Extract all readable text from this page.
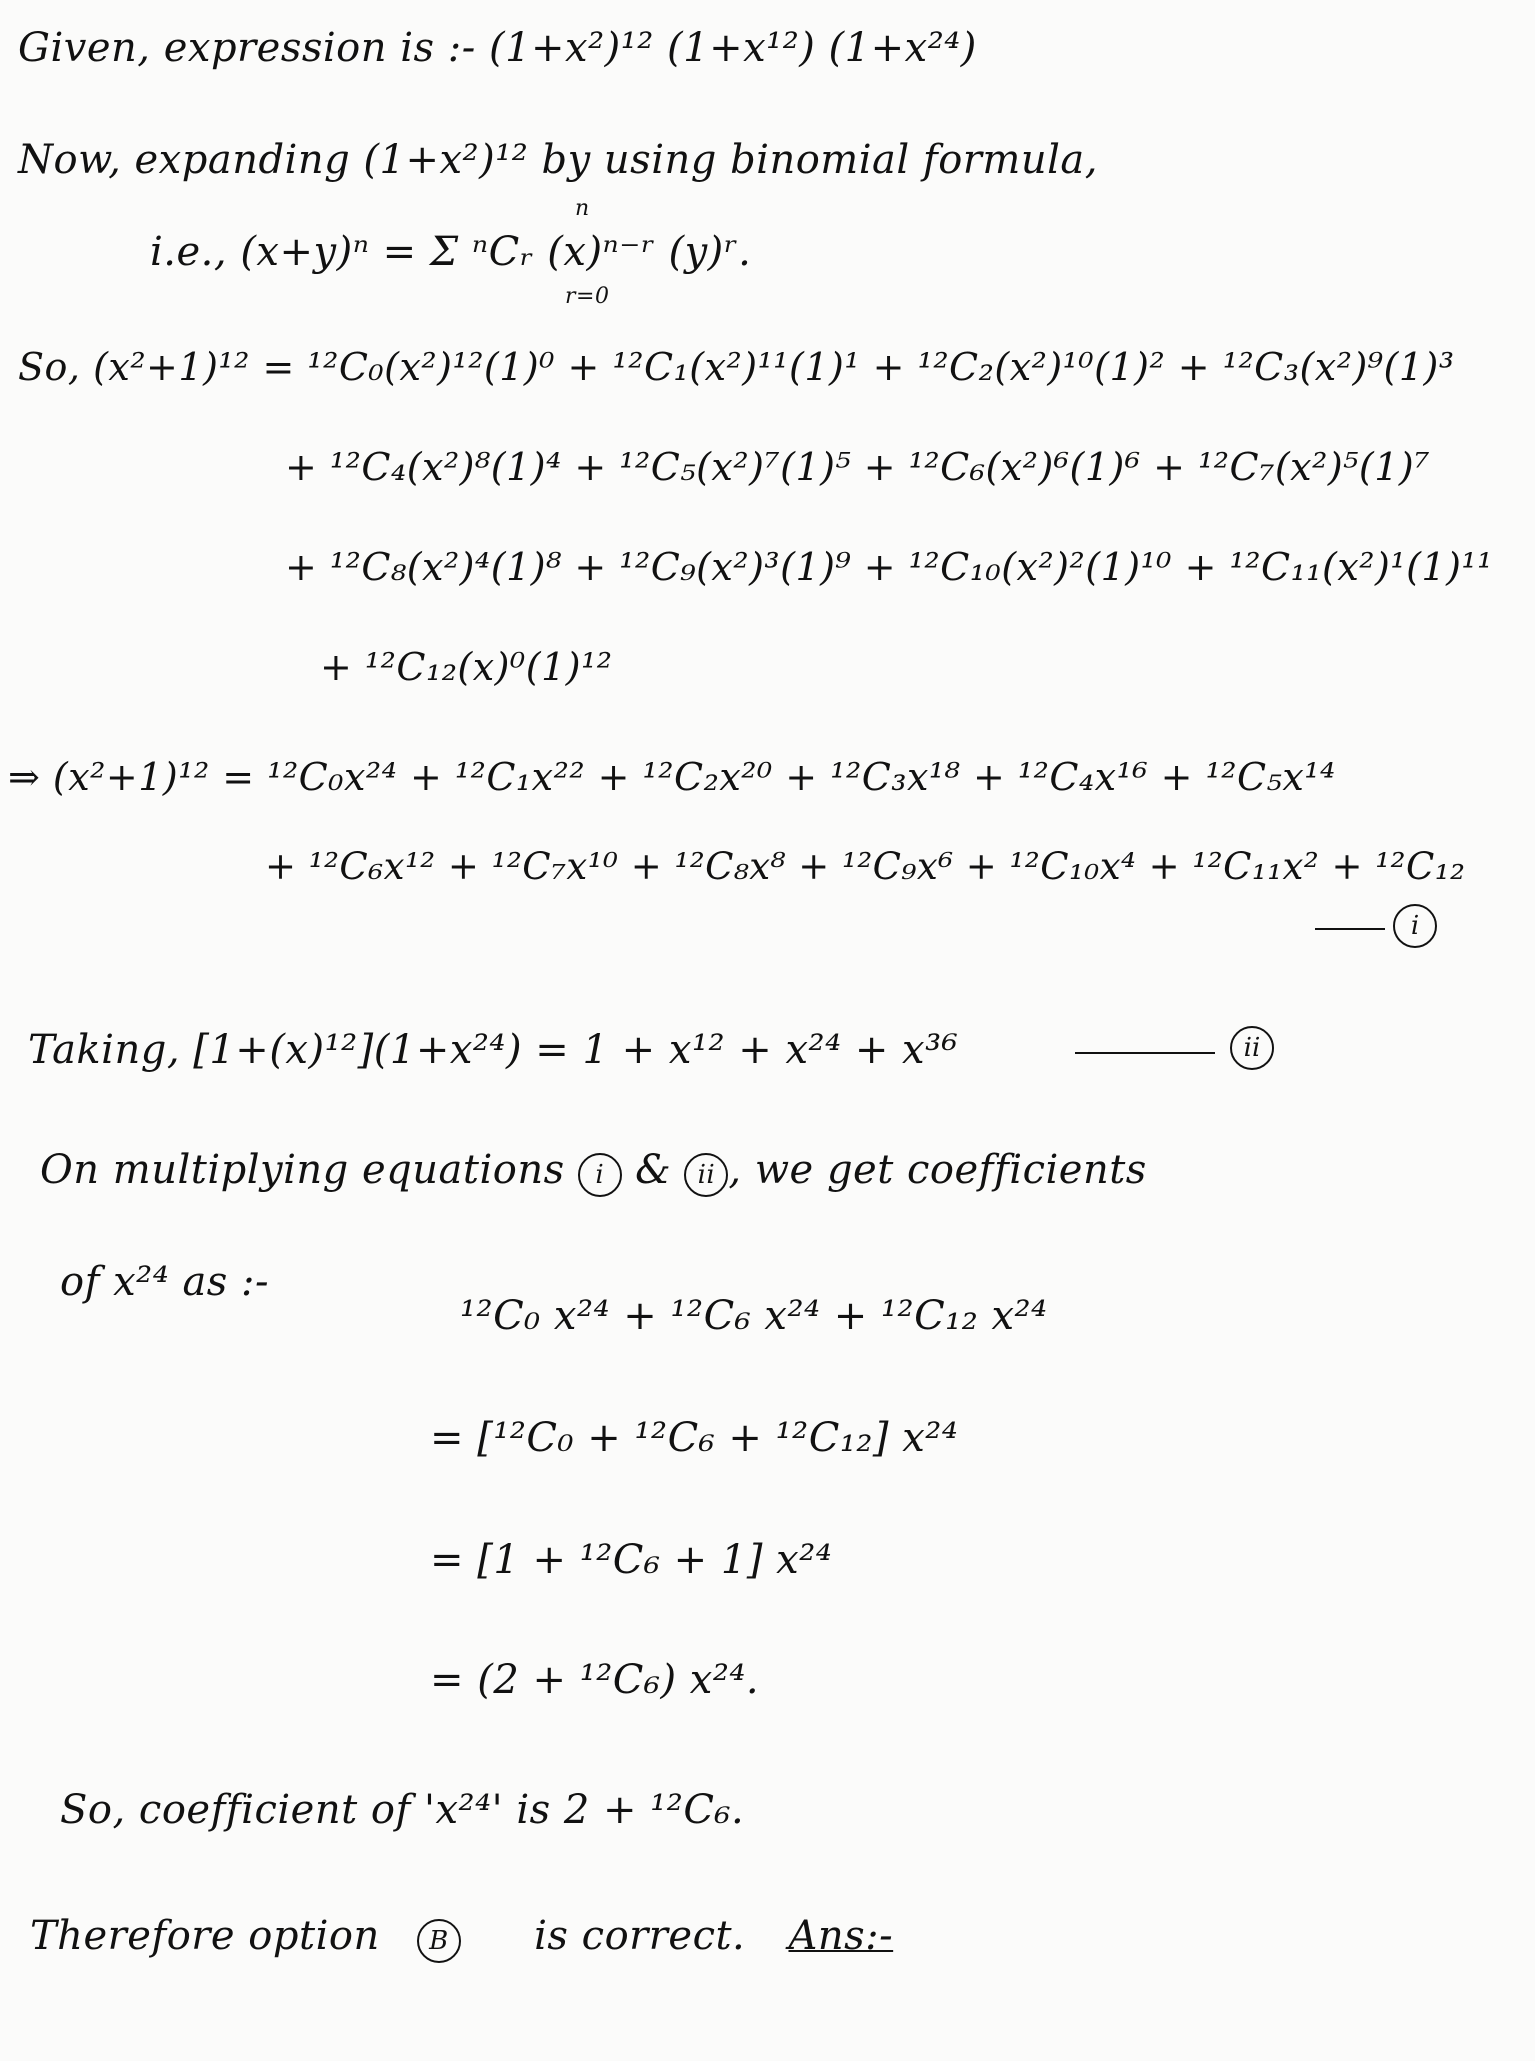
Given, expression is :- (1+x²)¹² (1+x¹²) (1+x²⁴)
Now, expanding (1+x²)¹² by using binomial formula,
n
i.e., (x+y)ⁿ = Σ ⁿCᵣ (x)ⁿ⁻ʳ (y)ʳ.
r=0
So, (x²+1)¹² = ¹²C₀(x²)¹²(1)⁰ + ¹²C₁(x²)¹¹(1)¹ + ¹²C₂(x²)¹⁰(1)² + ¹²C₃(x²)⁹(1)³
+ ¹²C₄(x²)⁸(1)⁴ + ¹²C₅(x²)⁷(1)⁵ + ¹²C₆(x²)⁶(1)⁶ + ¹²C₇(x²)⁵(1)⁷
+ ¹²C₈(x²)⁴(1)⁸ + ¹²C₉(x²)³(1)⁹ + ¹²C₁₀(x²)²(1)¹⁰ + ¹²C₁₁(x²)¹(1)¹¹
+ ¹²C₁₂(x)⁰(1)¹²
⇒ (x²+1)¹² = ¹²C₀x²⁴ + ¹²C₁x²² + ¹²C₂x²⁰ + ¹²C₃x¹⁸ + ¹²C₄x¹⁶ + ¹²C₅x¹⁴
+ ¹²C₆x¹² + ¹²C₇x¹⁰ + ¹²C₈x⁸ + ¹²C₉x⁶ + ¹²C₁₀x⁴ + ¹²C₁₁x² + ¹²C₁₂
i
Taking, [1+(x)¹²](1+x²⁴) = 1 + x¹² + x²⁴ + x³⁶	ii
On multiplying equations i & ii , we get coefficients
of x²⁴ as :-
¹²C₀ x²⁴ + ¹²C₆ x²⁴ + ¹²C₁₂ x²⁴
= [¹²C₀ + ¹²C₆ + ¹²C₁₂] x²⁴
= [1 + ¹²C₆ + 1] x²⁴
= (2 + ¹²C₆) x²⁴.
So, coefficient of 'x²⁴' is 2 + ¹²C₆.
Therefore option B is correct. Ans:-
